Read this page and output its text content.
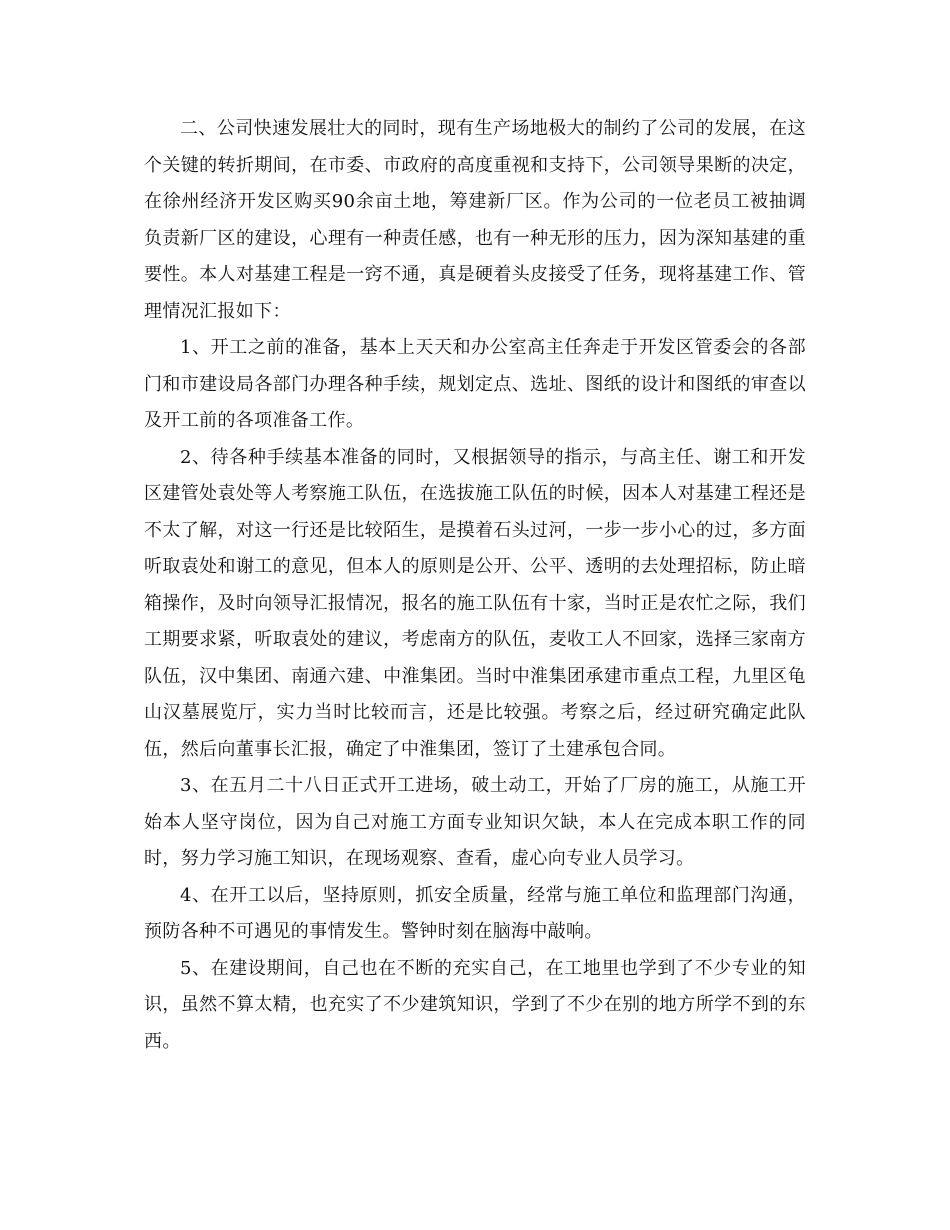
二、公司快速发展壮大的同时，现有生产场地极大的制约了公司的发展，在这个关键的转折期间，在市委、市政府的高度重视和支持下，公司领导果断的决定，在徐州经济开发区购买90余亩土地，筹建新厂区。作为公司的一位老员工被抽调负责新厂区的建设，心理有一种责任感，也有一种无形的压力，因为深知基建的重要性。本人对基建工程是一窍不通，真是硬着头皮接受了任务，现将基建工作、管理情况汇报如下：

1、开工之前的准备，基本上天天和办公室高主任奔走于开发区管委会的各部门和市建设局各部门办理各种手续，规划定点、选址、图纸的设计和图纸的审查以及开工前的各项准备工作。

2、待各种手续基本准备的同时，又根据领导的指示，与高主任、谢工和开发区建管处袁处等人考察施工队伍，在选拔施工队伍的时候，因本人对基建工程还是不太了解，对这一行还是比较陌生，是摸着石头过河，一步一步小心的过，多方面听取袁处和谢工的意见，但本人的原则是公开、公平、透明的去处理招标，防止暗箱操作，及时向领导汇报情况，报名的施工队伍有十家，当时正是农忙之际，我们工期要求紧，听取袁处的建议，考虑南方的队伍，麦收工人不回家，选择三家南方队伍，汉中集团、南通六建、中淮集团。当时中淮集团承建市重点工程，九里区龟山汉墓展览厅，实力当时比较而言，还是比较强。考察之后，经过研究确定此队伍，然后向董事长汇报，确定了中淮集团，签订了土建承包合同。

3、在五月二十八日正式开工进场，破土动工，开始了厂房的施工，从施工开始本人坚守岗位，因为自己对施工方面专业知识欠缺，本人在完成本职工作的同时，努力学习施工知识，在现场观察、查看，虚心向专业人员学习。

4、在开工以后，坚持原则，抓安全质量，经常与施工单位和监理部门沟通，预防各种不可遇见的事情发生。警钟时刻在脑海中敲响。

5、在建设期间，自己也在不断的充实自己，在工地里也学到了不少专业的知识，虽然不算太精，也充实了不少建筑知识，学到了不少在别的地方所学不到的东西。
